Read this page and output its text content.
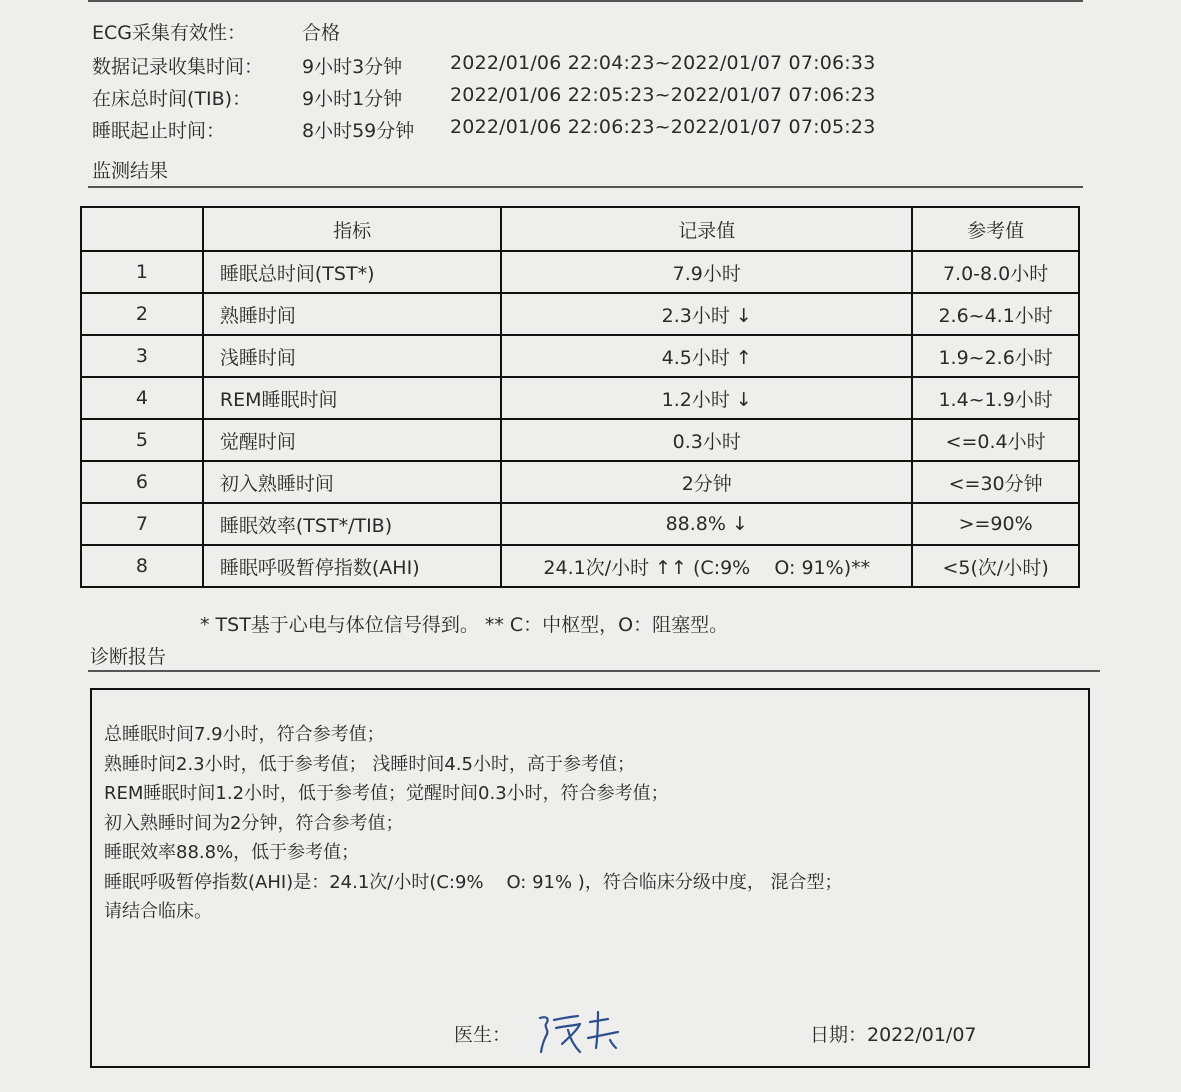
ECG采集有效性：	合格
数据记录收集时间： 9小时3分钟	2022/01/06 22:04:23~2022/01/07 07:06:33
在床总时间(TIB)：	9小时1分钟	2022/01/06 22:05:23~2022/01/07 07:06:23
睡眠起止时间：	8小时59分钟 2022/01/06 22:06:23~2022/01/07 07:05:23
监测结果
	指标	记录值	参考值
1	睡眠总时间(TST*)	7.9小时	7.0-8.0小时
2	熟睡时间	2.3小时 ↓	2.6~4.1小时
3	浅睡时间	4.5小时 ↑	1.9~2.6小时
4	REM睡眠时间	1.2小时 ↓	1.4~1.9小时
5	觉醒时间	0.3小时	<=0.4小时
6	初入熟睡时间	2分钟	<=30分钟
7	睡眠效率(TST*/TIB)	88.8% ↓	>=90%
8	睡眠呼吸暂停指数(AHI)	24.1次/小时 ↑↑ (C:9%    O: 91%)**	<5(次/小时)
* TST基于心电与体位信号得到。 ** C：中枢型，O：阻塞型。
诊断报告
总睡眠时间7.9小时，符合参考值；
熟睡时间2.3小时，低于参考值； 浅睡时间4.5小时，高于参考值；
REM睡眠时间1.2小时，低于参考值；觉醒时间0.3小时，符合参考值；
初入熟睡时间为2分钟，符合参考值；
睡眠效率88.8%，低于参考值；
睡眠呼吸暂停指数(AHI)是：24.1次/小时(C:9%    O: 91% )，符合临床分级中度， 混合型；
请结合临床。
医生：	日期：2022/01/07
